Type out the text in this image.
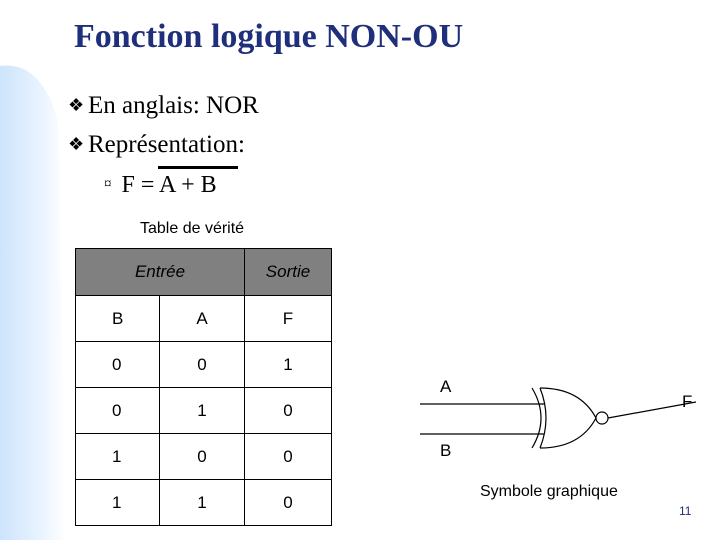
Fonction logique NON-OU
❖ En anglais: NOR
❖ Représentation:
¤ F = A + B
Table de vérité
Entrée		Sortie
B	A	F
0	0	1
0	1	0
1	0	0
1	1	0
A
B
F
Symbole graphique
11
